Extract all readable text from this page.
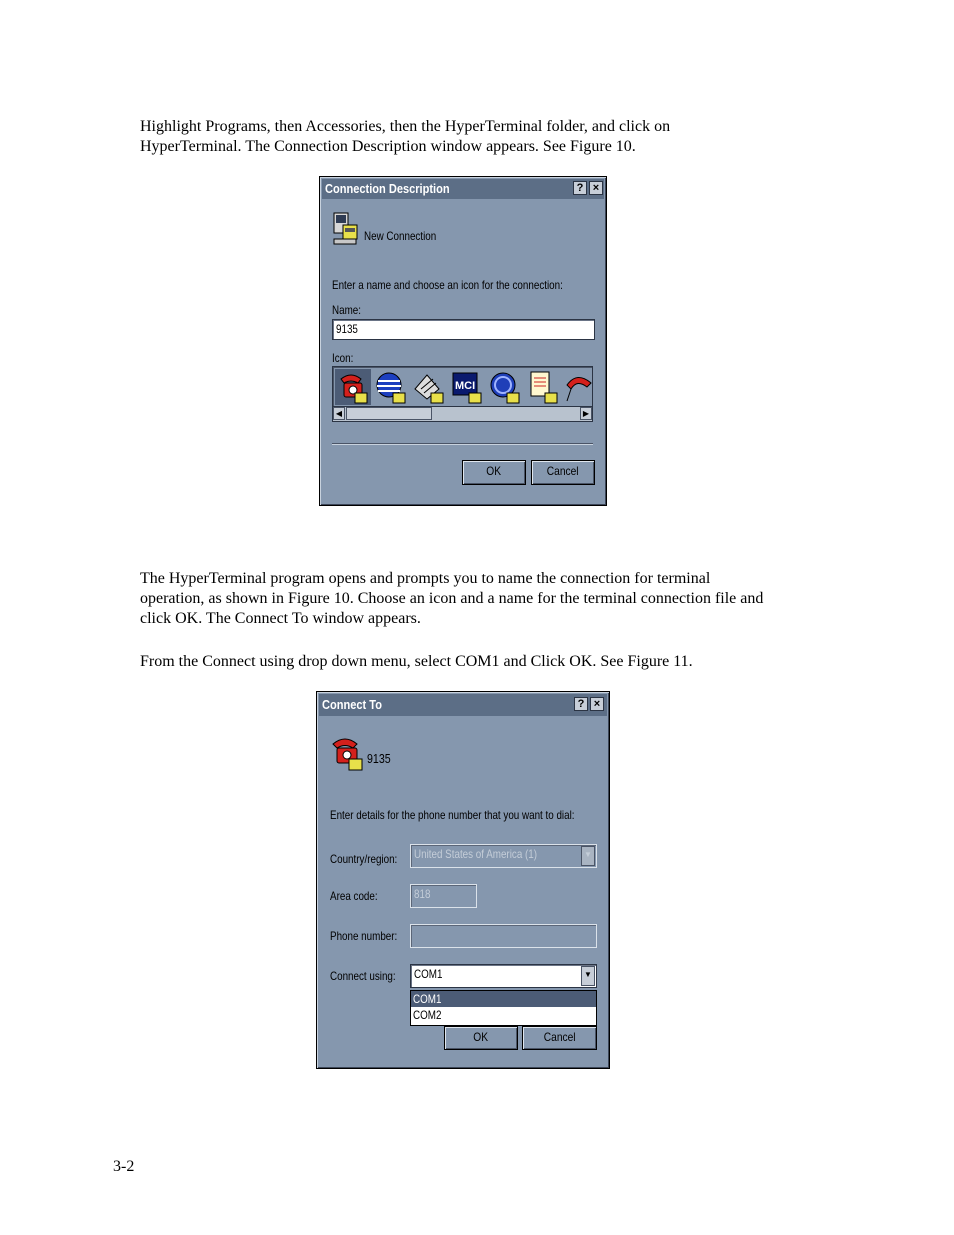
Highlight Programs, then Accessories, then the HyperTerminal folder, and click on
HyperTerminal. The Connection Description window appears. See Figure 10.

Connection Description	? ×
New Connection
Enter a name and choose an icon for the connection:
Name:
9135
Icon:
MCI
◀	▶
OK	Cancel

The HyperTerminal program opens and prompts you to name the connection for terminal
operation, as shown in Figure 10. Choose an icon and a name for the terminal connection file and
click OK. The Connect To window appears.

From the Connect using drop down menu, select COM1 and Click OK. See Figure 11.

Connect To	? ×
9135
Enter details for the phone number that you want to dial:
Country/region:	United States of America (1)	▼
Area code:	818
Phone number:
Connect using:	COM1	▼
OK	Cancel
COM1
COM2
3-2
